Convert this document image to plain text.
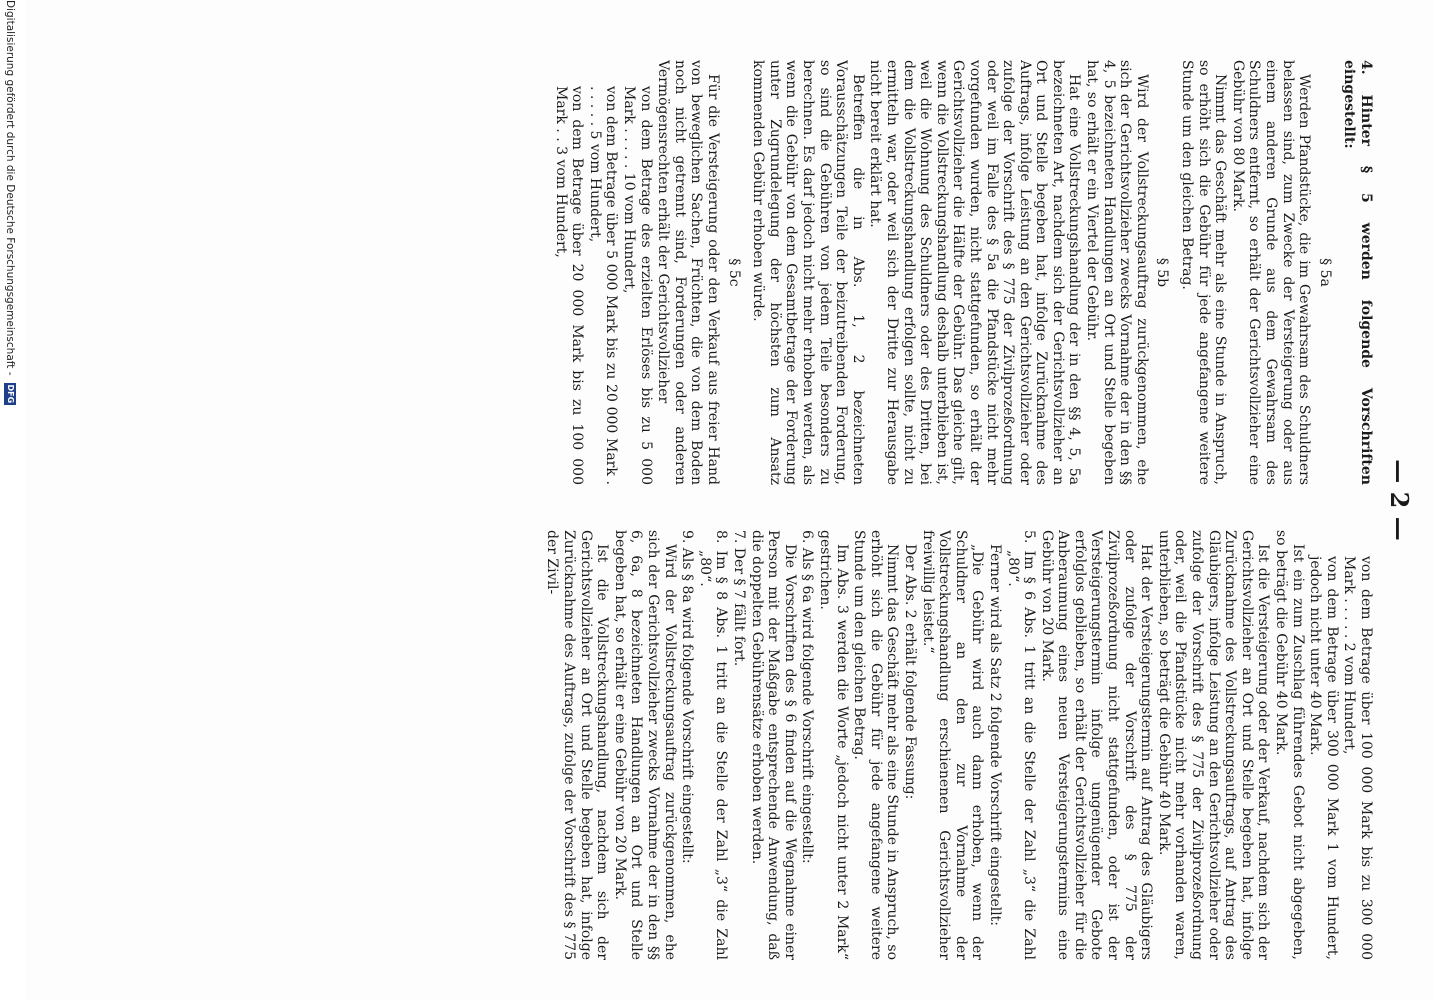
— 2 —

4. Hinter § 5 werden folgende Vorschriften eingestellt:

§ 5a

Werden Pfandstücke, die im Gewahrsam des Schuldners belassen sind, zum Zwecke der Versteigerung oder aus einem anderen Grunde aus dem Gewahrsam des Schuldners entfernt, so erhält der Gerichtsvollzieher eine Gebühr von 80 Mark.

Nimmt das Geschäft mehr als eine Stunde in Anspruch, so erhöht sich die Gebühr für jede angefangene weitere Stunde um den gleichen Betrag.

§ 5b

Wird der Vollstreckungsauftrag zurückgenommen, ehe sich der Gerichtsvollzieher zwecks Vornahme der in den §§ 4, 5 bezeichneten Handlungen an Ort und Stelle begeben hat, so erhält er ein Viertel der Gebühr.

Hat eine Vollstreckungshandlung der in den §§ 4, 5, 5a bezeichneten Art, nachdem sich der Gerichtsvollzieher an Ort und Stelle begeben hat, infolge Zurücknahme des Auftrags, infolge Leistung an den Gerichtsvollzieher oder zufolge der Vorschrift des § 775 der Zivilprozeßordnung oder weil im Falle des § 5a die Pfandstücke nicht mehr vorgefunden wurden, nicht stattgefunden, so erhält der Gerichtsvollzieher die Hälfte der Gebühr. Das gleiche gilt, wenn die Vollstreckungshandlung deshalb unterblieben ist, weil die Wohnung des Schuldners oder des Dritten, bei dem die Vollstreckungshandlung erfolgen sollte, nicht zu ermitteln war, oder weil sich der Dritte zur Herausgabe nicht bereit erklärt hat.

Betreffen die in Abs. 1, 2 bezeichneten Vorausschätzungen Teile der beizutreibenden Forderung, so sind die Gebühren von jedem Teile besonders zu berechnen. Es darf jedoch nicht mehr erhoben werden, als wenn die Gebühr von dem Gesamtbetrage der Forderung unter Zugrundelegung der höchsten zum Ansatz kommenden Gebühr erhoben würde.

§ 5c

Für die Versteigerung oder den Verkauf aus freier Hand von beweglichen Sachen, Früchten, die von dem Boden noch nicht getrennt sind, Forderungen oder anderen Vermögensrechten erhält der Gerichtsvollzieher

von dem Betrage des erzielten Erlöses bis zu 5 000 Mark . . . . . 10 vom Hundert,

von dem Betrage über 5 000 Mark bis zu 20 000 Mark . . . . . . 5 vom Hundert,

von dem Betrage über 20 000 Mark bis zu 100 000 Mark . . 3 vom Hundert,

von dem Betrage über 100 000 Mark bis zu 300 000 Mark . . . . . 2 vom Hundert,

von dem Betrage über 300 000 Mark 1 vom Hundert, jedoch nicht unter 40 Mark.

Ist ein zum Zuschlag führendes Gebot nicht abgegeben, so beträgt die Gebühr 40 Mark.

Ist die Versteigerung oder der Verkauf, nachdem sich der Gerichtsvollzieher an Ort und Stelle begeben hat, infolge Zurücknahme des Vollstreckungsauftrags, auf Antrag des Gläubigers, infolge Leistung an den Gerichtsvollzieher oder zufolge der Vorschrift des § 775 der Zivilprozeßordnung oder, weil die Pfandstücke nicht mehr vorhanden waren, unterblieben, so beträgt die Gebühr 40 Mark.

Hat der Versteigerungstermin auf Antrag des Gläubigers oder zufolge der Vorschrift des § 775 der Zivilprozeßordnung nicht stattgefunden, oder ist der Versteigerungstermin infolge ungenügender Gebote erfolglos geblieben, so erhält der Gerichtsvollzieher für die Anberaumung eines neuen Versteigerungstermins eine Gebühr von 20 Mark.

5. Im § 6 Abs. 1 tritt an die Stelle der Zahl „3“ die Zahl „80“.

Ferner wird als Satz 2 folgende Vorschrift eingestellt:

„Die Gebühr wird auch dann erhoben, wenn der Schuldner an den zur Vornahme der Vollstreckungshandlung erschienenen Gerichtsvollzieher freiwillig leistet.“

Der Abs. 2 erhält folgende Fassung:

Nimmt das Geschäft mehr als eine Stunde in Anspruch, so erhöht sich die Gebühr für jede angefangene weitere Stunde um den gleichen Betrag.

Im Abs. 3 werden die Worte „jedoch nicht unter 2 Mark“ gestrichen.

6. Als § 6a wird folgende Vorschrift eingestellt:

Die Vorschriften des § 6 finden auf die Wegnahme einer Person mit der Maßgabe entsprechende Anwendung, daß die doppelten Gebührensätze erhoben werden.

7. Der § 7 fällt fort.

8. Im § 8 Abs. 1 tritt an die Stelle der Zahl „3“ die Zahl „80“.

9. Als § 8a wird folgende Vorschrift eingestellt:

Wird der Vollstreckungsauftrag zurückgenommen, ehe sich der Gerichtsvollzieher zwecks Vornahme der in den §§ 6, 6a, 8 bezeichneten Handlungen an Ort und Stelle begeben hat, so erhält er eine Gebühr von 20 Mark.

Ist die Vollstreckungshandlung, nachdem sich der Gerichtsvollzieher an Ort und Stelle begeben hat, infolge Zurücknahme des Auftrags, zufolge der Vorschrift des § 775 der Zivil-

Digitalisierung gefördert durch die Deutsche Forschungsgemeinschaft - DFG
